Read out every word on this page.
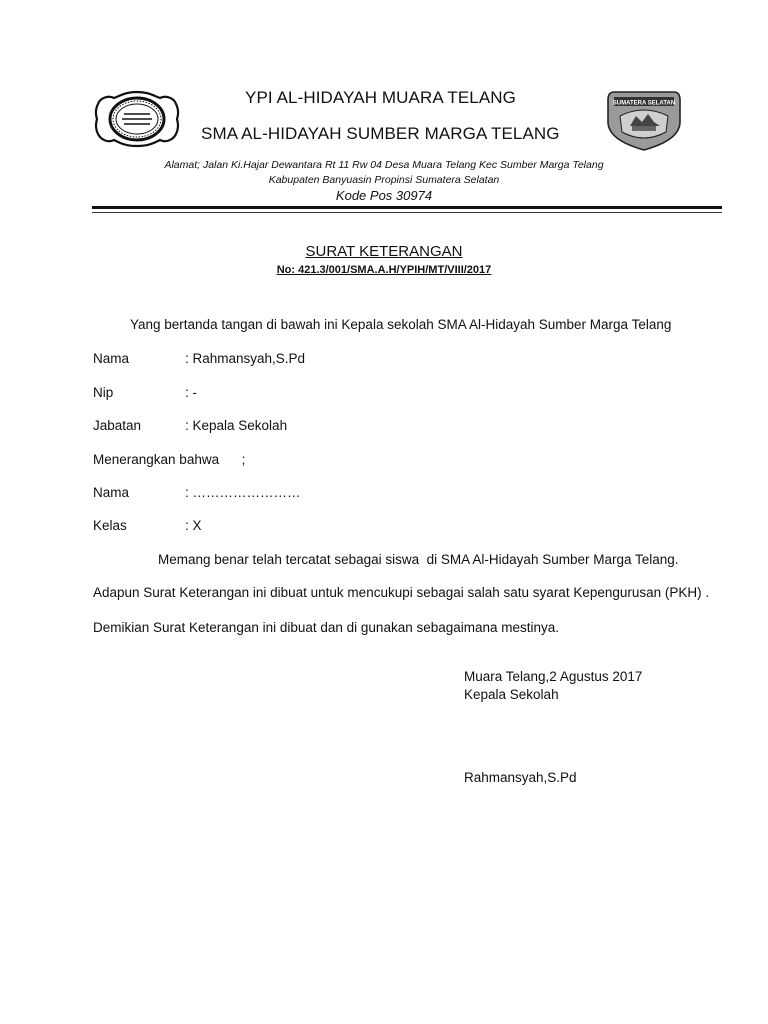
SUMATERA SELATAN
YPI AL-HIDAYAH MUARA TELANG
SMA AL-HIDAYAH SUMBER MARGA TELANG
Alamat; Jalan Ki.Hajar Dewantara Rt 11 Rw 04 Desa Muara Telang Kec Sumber Marga Telang
Kabupaten Banyuasin Propinsi Sumatera Selatan
Kode Pos 30974
SURAT KETERANGAN
No: 421.3/001/SMA.A.H/YPIH/MT/VIII/2017
Yang bertanda tangan di bawah ini Kepala sekolah SMA Al-Hidayah Sumber Marga Telang
Nama	: Rahmansyah,S.Pd
Nip	: -
Jabatan	: Kepala Sekolah
Menerangkan bahwa      ;
Nama	: ……………………
Kelas	: X
Memang benar telah tercatat sebagai siswa  di SMA Al-Hidayah Sumber Marga Telang.
Adapun Surat Keterangan ini dibuat untuk mencukupi sebagai salah satu syarat Kepengurusan (PKH) .
Demikian Surat Keterangan ini dibuat dan di gunakan sebagaimana mestinya.
Muara Telang,2 Agustus 2017
Kepala Sekolah
Rahmansyah,S.Pd
